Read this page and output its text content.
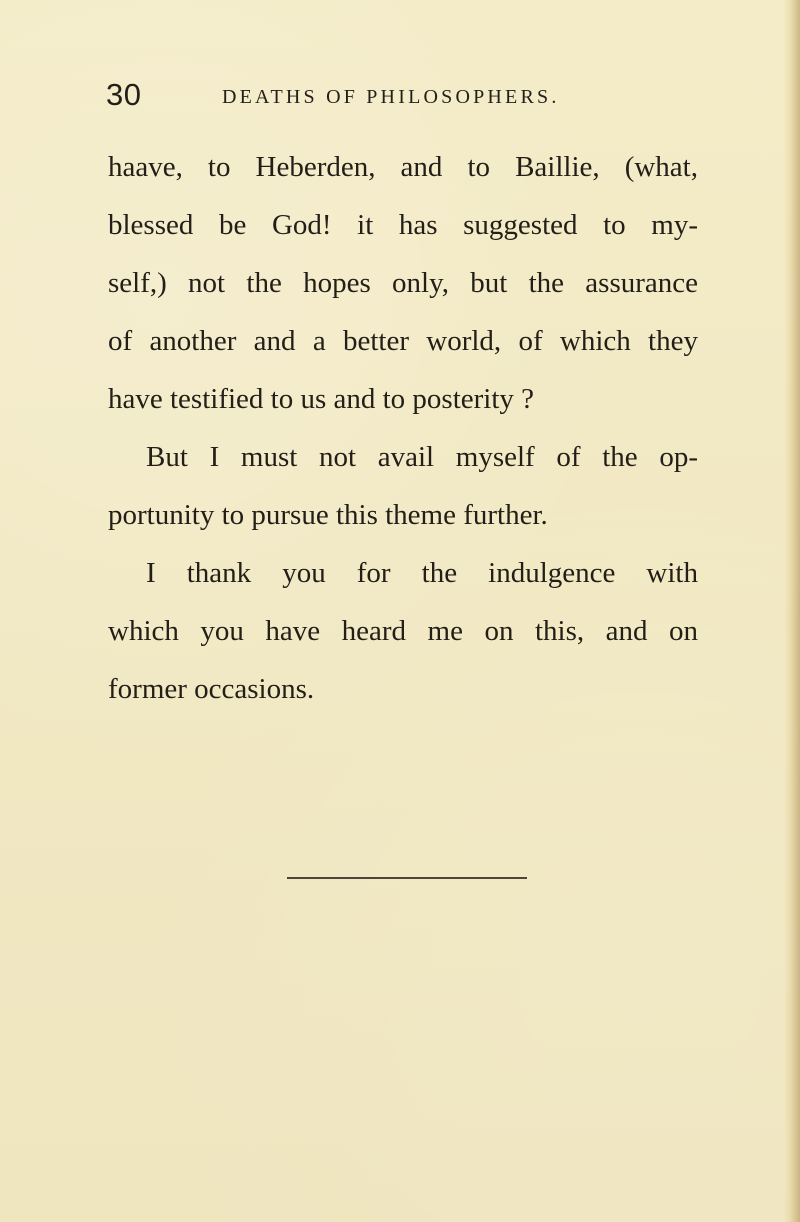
30	DEATHS OF PHILOSOPHERS.
haave, to Heberden, and to Baillie, (what,
blessed be God! it has suggested to my-
self,) not the hopes only, but the assurance
of another and a better world, of which they
have testified to us and to posterity ?
But I must not avail myself of the op-
portunity to pursue this theme further.
I thank you for the indulgence with
which you have heard me on this, and on
former occasions.
